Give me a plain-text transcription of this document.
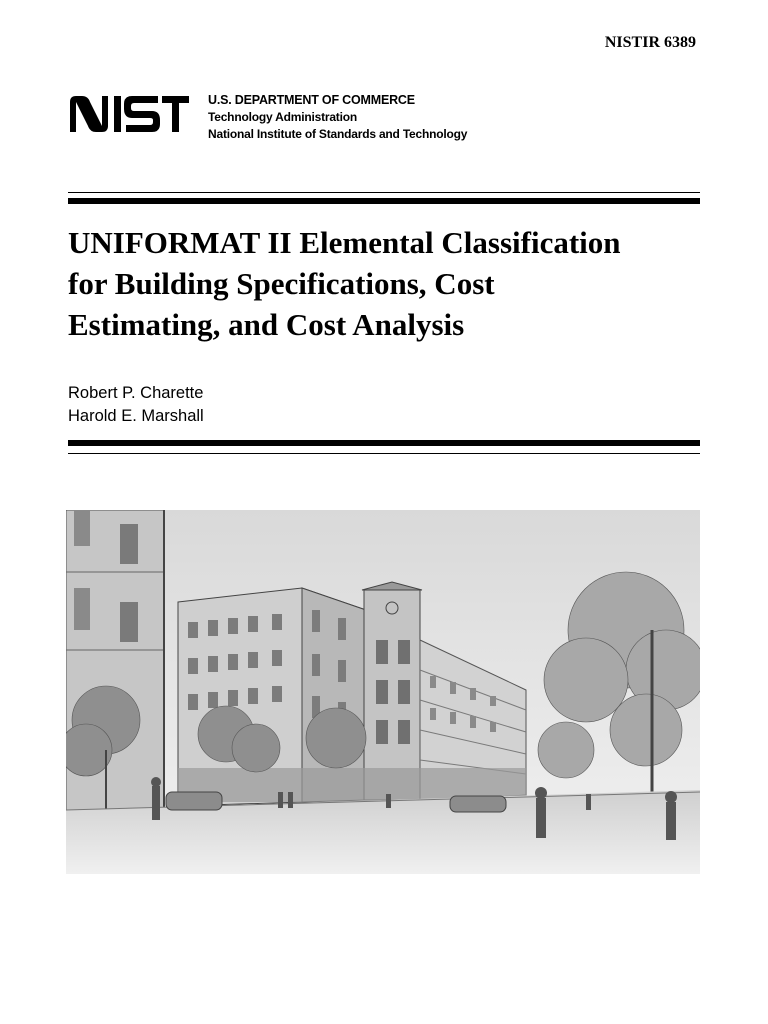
NISTIR 6389
U.S. DEPARTMENT OF COMMERCE
Technology Administration
National Institute of Standards and Technology
UNIFORMAT II Elemental Classification
for Building Specifications, Cost
Estimating, and Cost Analysis
Robert P. Charette
Harold E. Marshall
